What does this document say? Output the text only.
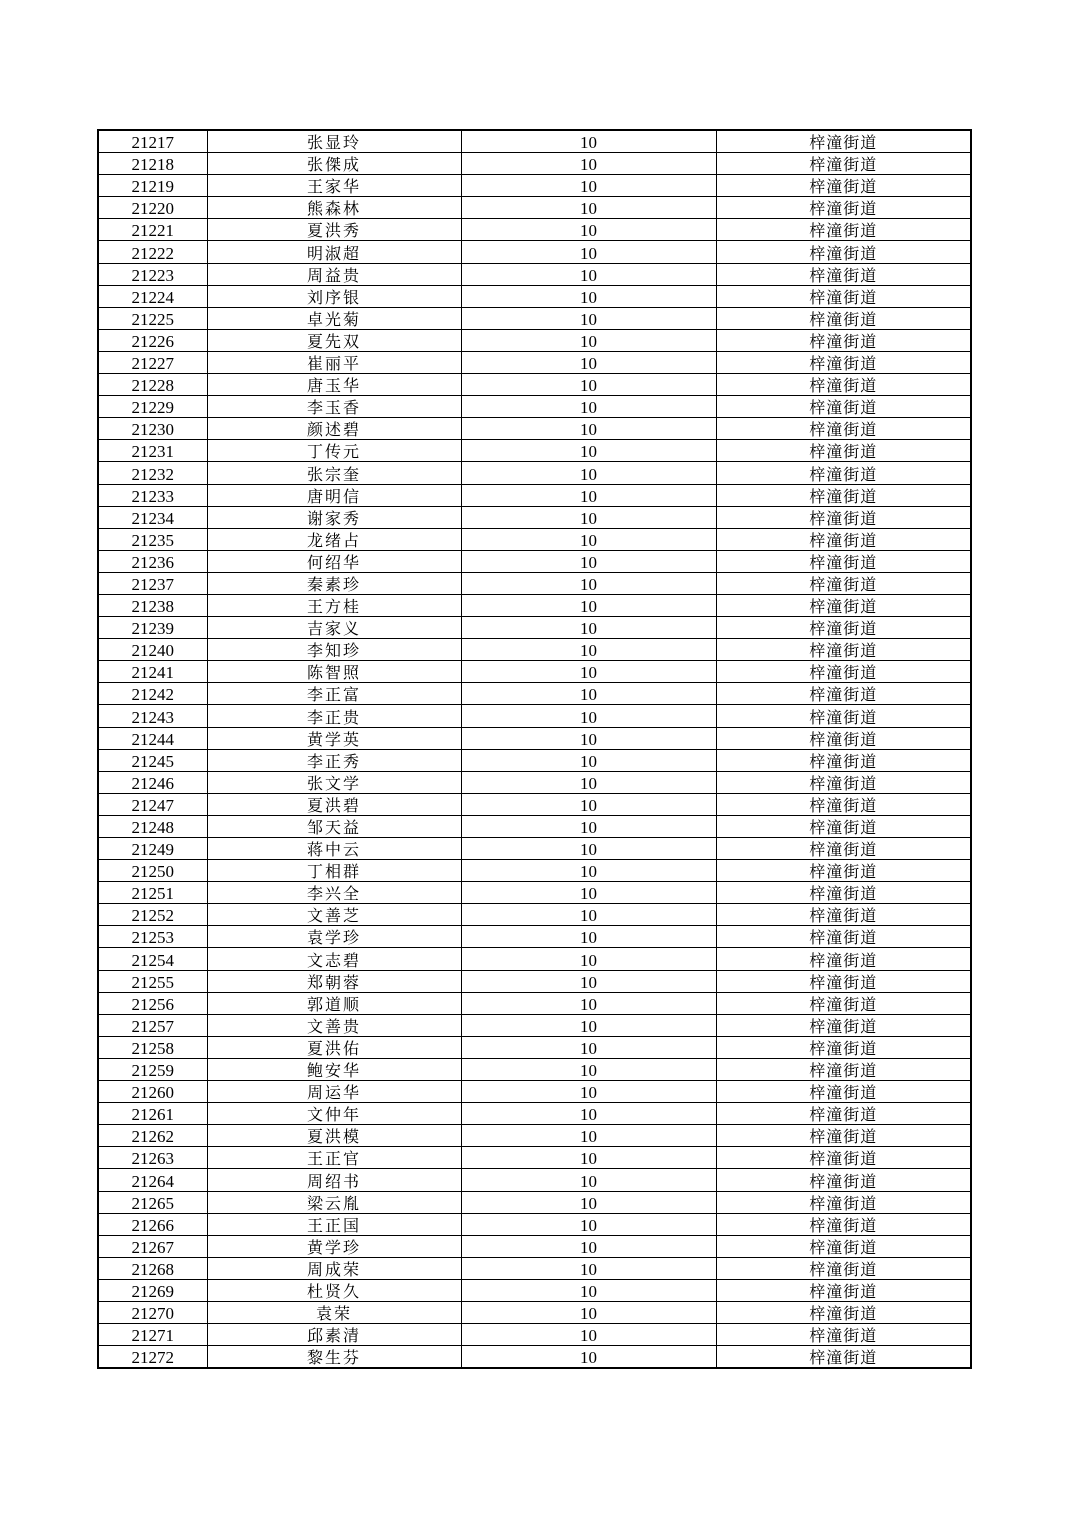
21217	张显玲	10	梓潼街道
21218	张傑成	10	梓潼街道
21219	王家华	10	梓潼街道
21220	熊森林	10	梓潼街道
21221	夏洪秀	10	梓潼街道
21222	明淑超	10	梓潼街道
21223	周益贵	10	梓潼街道
21224	刘序银	10	梓潼街道
21225	卓光菊	10	梓潼街道
21226	夏先双	10	梓潼街道
21227	崔丽平	10	梓潼街道
21228	唐玉华	10	梓潼街道
21229	李玉香	10	梓潼街道
21230	颜述碧	10	梓潼街道
21231	丁传元	10	梓潼街道
21232	张宗奎	10	梓潼街道
21233	唐明信	10	梓潼街道
21234	谢家秀	10	梓潼街道
21235	龙绪占	10	梓潼街道
21236	何绍华	10	梓潼街道
21237	秦素珍	10	梓潼街道
21238	王方桂	10	梓潼街道
21239	吉家义	10	梓潼街道
21240	李知珍	10	梓潼街道
21241	陈智照	10	梓潼街道
21242	李正富	10	梓潼街道
21243	李正贵	10	梓潼街道
21244	黄学英	10	梓潼街道
21245	李正秀	10	梓潼街道
21246	张文学	10	梓潼街道
21247	夏洪碧	10	梓潼街道
21248	邹天益	10	梓潼街道
21249	蒋中云	10	梓潼街道
21250	丁相群	10	梓潼街道
21251	李兴全	10	梓潼街道
21252	文善芝	10	梓潼街道
21253	袁学珍	10	梓潼街道
21254	文志碧	10	梓潼街道
21255	郑朝蓉	10	梓潼街道
21256	郭道顺	10	梓潼街道
21257	文善贵	10	梓潼街道
21258	夏洪佑	10	梓潼街道
21259	鲍安华	10	梓潼街道
21260	周运华	10	梓潼街道
21261	文仲年	10	梓潼街道
21262	夏洪模	10	梓潼街道
21263	王正官	10	梓潼街道
21264	周绍书	10	梓潼街道
21265	梁云胤	10	梓潼街道
21266	王正国	10	梓潼街道
21267	黄学珍	10	梓潼街道
21268	周成荣	10	梓潼街道
21269	杜贤久	10	梓潼街道
21270	袁荣	10	梓潼街道
21271	邱素清	10	梓潼街道
21272	黎生芬	10	梓潼街道
